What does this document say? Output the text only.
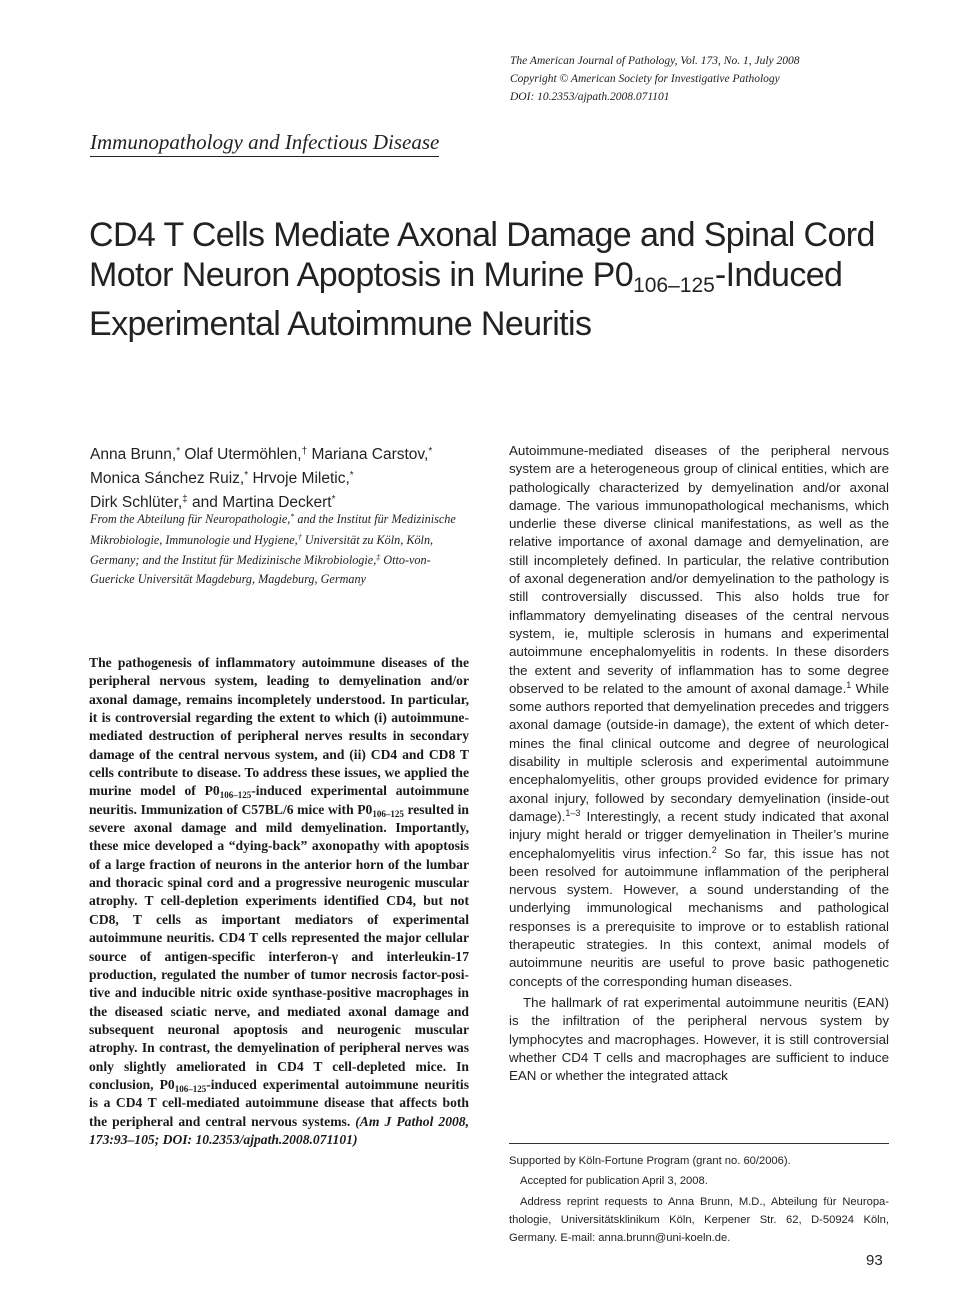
The American Journal of Pathology, Vol. 173, No. 1, July 2008
Copyright © American Society for Investigative Pathology
DOI: 10.2353/ajpath.2008.071101
Immunopathology and Infectious Disease
CD4 T Cells Mediate Axonal Damage and Spinal Cord Motor Neuron Apoptosis in Murine $P0_{106-125}$-Induced Experimental Autoimmune Neuritis
Anna Brunn,* Olaf Utermöhlen,† Mariana Carstov,*
Monica Sánchez Ruiz,* Hrvoje Miletic,*
Dirk Schlüter,‡ and Martina Deckert*
From the Abteilung für Neuropathologie,* and the Institut für Medizinische Mikrobiologie, Immunologie und Hygiene,† Universität zu Köln, Köln, Germany; and the Institut für Medizinische Mikrobiologie,‡ Otto-von-Guericke Universität Magdeburg, Magdeburg, Germany

The pathogenesis of inflammatory autoimmune diseases of the peripheral nervous system, leading to demyelination and/or axonal damage, remains incompletely understood. In particular, it is controversial regarding the extent to which (i) autoimmune-mediated destruction of peripheral nerves results in secondary damage of the central nervous system, and (ii) CD4 and CD8 T cells contribute to disease. To address these issues, we applied the murine model of $P0_{106-125}$-induced experimental autoimmune neuritis. Immunization of C57BL/6 mice with $P0_{106-125}$ resulted in severe axonal damage and mild demyelination. Importantly, these mice developed a “dying-back” axonopathy with apoptosis of a large fraction of neurons in the anterior horn of the lumbar and thoracic spinal cord and a progressive neurogenic muscular atrophy. T cell-depletion experiments identified CD4, but not CD8, T cells as important mediators of experimental autoimmune neuritis. CD4 T cells represented the major cellular source of antigen-specific interferon-γ and interleukin-17 production, regulated the number of tumor necrosis factor-positive and inducible nitric oxide synthase-positive macrophages in the diseased sciatic nerve, and mediated axonal damage and subsequent neuronal apoptosis and neurogenic muscular atrophy. In contrast, the demyelination of peripheral nerves was only slightly ameliorated in CD4 T cell-depleted mice. In conclusion, $P0_{106-125}$-induced experimental autoimmune neuritis is a CD4 T cell-mediated autoimmune disease that affects both the peripheral and central nervous systems. (Am J Pathol 2008, 173:93–105; DOI: 10.2353/ajpath.2008.071101)

Autoimmune-mediated diseases of the peripheral nervous system are a heterogeneous group of clinical entities, which are pathologically characterized by demyelination and/or axonal damage. The various immunopathological mechanisms, which underlie these diverse clinical manifestations, as well as the relative importance of axonal damage and demyelination, are still incompletely defined. In particular, the relative contribution of axonal degeneration and/or demyelination to the pathology is still controversially discussed. This also holds true for inflammatory demyelinating diseases of the central nervous system, ie, multiple sclerosis in humans and experimental autoimmune encephalomyelitis in rodents. In these disorders the extent and severity of inflammation has to some degree observed to be related to the amount of axonal damage.$^1$ While some authors reported that demyelination precedes and triggers axonal damage (outside-in damage), the extent of which determines the final clinical outcome and degree of neurological disability in multiple sclerosis and experimental autoimmune encephalomyelitis, other groups provided evidence for primary axonal injury, followed by secondary demyelination (inside-out damage).$^{1-3}$ Interestingly, a recent study indicated that axonal injury might herald or trigger demyelination in Theiler’s murine encephalomyelitis virus infection.$^2$ So far, this issue has not been resolved for autoimmune inflammation of the peripheral nervous system. However, a sound understanding of the underlying immunological mechanisms and pathological responses is a prerequisite to improve or to establish rational therapeutic strategies. In this context, animal models of autoimmune neuritis are useful to prove basic pathogenetic concepts of the corresponding human diseases.

The hallmark of rat experimental autoimmune neuritis (EAN) is the infiltration of the peripheral nervous system by lymphocytes and macrophages. However, it is still controversial whether CD4 T cells and macrophages are sufficient to induce EAN or whether the integrated attack

Supported by Köln-Fortune Program (grant no. 60/2006).

Accepted for publication April 3, 2008.

Address reprint requests to Anna Brunn, M.D., Abteilung für Neuropathologie, Universitätsklinikum Köln, Kerpener Str. 62, D-50924 Köln, Germany. E-mail: anna.brunn@uni-koeln.de.

93
